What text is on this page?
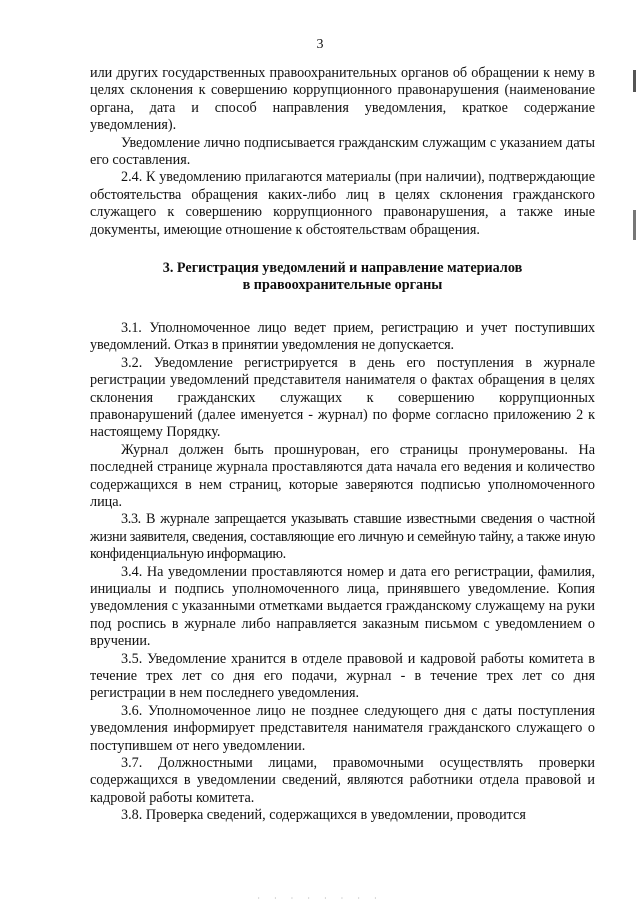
3

или других государственных правоохранительных органов об обращении к нему в целях склонения к совершению коррупционного правонарушения (наименование органа, дата и способ направления уведомления, краткое содержание уведомления).

Уведомление лично подписывается гражданским служащим с указанием даты его составления.

2.4. К уведомлению прилагаются материалы (при наличии), подтверждающие обстоятельства обращения каких-либо лиц в целях склонения гражданского служащего к совершению коррупционного правонарушения, а также иные документы, имеющие отношение к обстоятельствам обращения.

3. Регистрация уведомлений и направление материалов
в правоохранительные органы

3.1. Уполномоченное лицо ведет прием, регистрацию и учет поступивших уведомлений. Отказ в принятии уведомления не допускается.

3.2. Уведомление регистрируется в день его поступления в журнале регистрации уведомлений представителя нанимателя о фактах обращения в целях склонения гражданских служащих к совершению коррупционных правонарушений (далее именуется - журнал) по форме согласно приложению 2 к настоящему Порядку.

Журнал должен быть прошнурован, его страницы пронумерованы. На последней странице журнала проставляются дата начала его ведения и количество содержащихся в нем страниц, которые заверяются подписью уполномоченного лица.

3.3. В журнале запрещается указывать ставшие известными сведения о частной жизни заявителя, сведения, составляющие его личную и семейную тайну, а также иную конфиденциальную информацию.

3.4. На уведомлении проставляются номер и дата его регистрации, фамилия, инициалы и подпись уполномоченного лица, принявшего уведомление. Копия уведомления с указанными отметками выдается гражданскому служащему на руки под роспись в журнале либо направляется заказным письмом с уведомлением о вручении.

3.5. Уведомление хранится в отделе правовой и кадровой работы комитета в течение трех лет со дня его подачи, журнал - в течение трех лет со дня регистрации в нем последнего уведомления.

3.6. Уполномоченное лицо не позднее следующего дня с даты поступления уведомления информирует представителя нанимателя гражданского служащего о поступившем от него уведомлении.

3.7. Должностными лицами, правомочными осуществлять проверки содержащихся в уведомлении сведений, являются работники отдела правовой и кадровой работы комитета.

3.8. Проверка сведений, содержащихся в уведомлении, проводится

· · · · · · · ·
